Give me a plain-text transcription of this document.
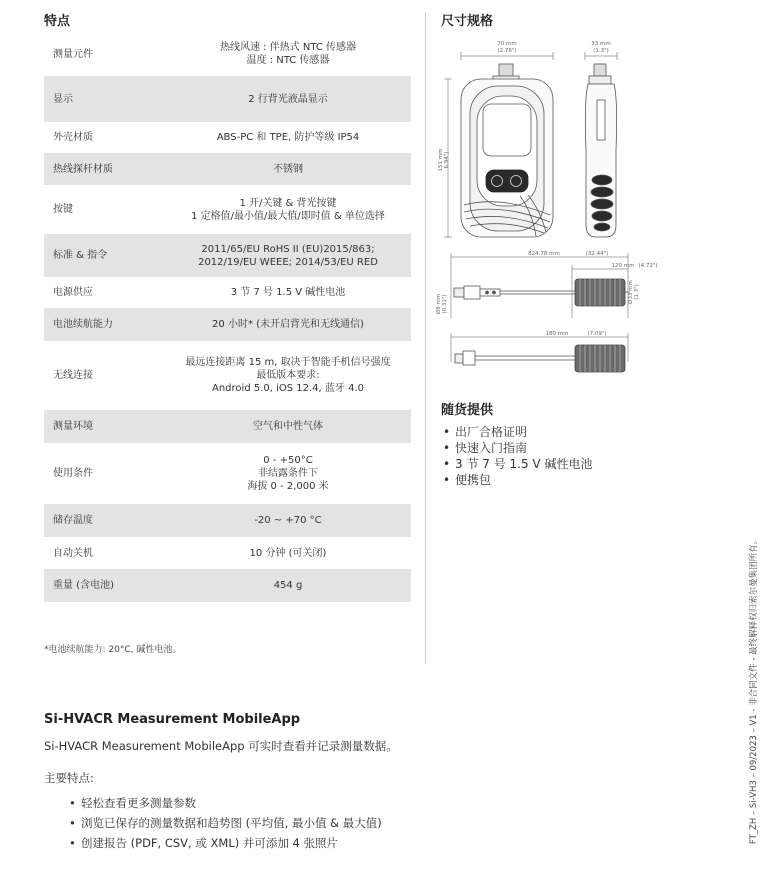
特点
测量元件	热线风速 : 伴热式 NTC 传感器
温度 : NTC 传感器

显示	2 行背光液晶显示

外壳材质	ABS-PC 和 TPE, 防护等级 IP54

热线探杆材质	不锈钢

按键	1 开/关键 & 背光按键
1 定格值/最小值/最大值/即时值 & 单位选择

标准 & 指令	2011/65/EU RoHS II (EU)2015/863;
2012/19/EU WEEE; 2014/53/EU RED

电源供应	3 节 7 号 1.5 V 碱性电池

电池续航能力	20 小时* (未开启背光和无线通信)

无线连接	最远连接距离 15 m, 取决于智能手机信号强度
最低版本要求:
Android 5.0, iOS 12.4, 蓝牙 4.0

测量环境	空气和中性气体

使用条件	0 - +50°C
非结露条件下
海拔 0 - 2,000 米

储存温度	-20 ~ +70 °C

自动关机	10 分钟 (可关闭)

重量 (含电池)	454 g
*电池续航能力: 20°C, 碱性电池。
尺寸规格
70 mm
(2.76")
33 mm
(1.3")
151 mm 6.94")
824.78 mm	(32.44")
120 mm (4.72")
Ø8 mm (0.31")
Ø33 mm (1.3")
180 mm	(7.09")
随货提供
• 出厂合格证明
• 快速入门指南
• 3 节 7 号 1.5 V 碱性电池
• 便携包
Si-HVACR Measurement MobileApp
Si-HVACR Measurement MobileApp 可实时查看并记录测量数据。
主要特点:
• 轻松查看更多测量参数
• 浏览已保存的测量数据和趋势图 (平均值, 最小值 & 最大值)
• 创建报告 (PDF, CSV, 或 XML) 并可添加 4 张照片	FT_ZH – Si-VH3 – 09/2023 – V1 - 非合同文件 - 最终解释权归索尔曼集团所有。
